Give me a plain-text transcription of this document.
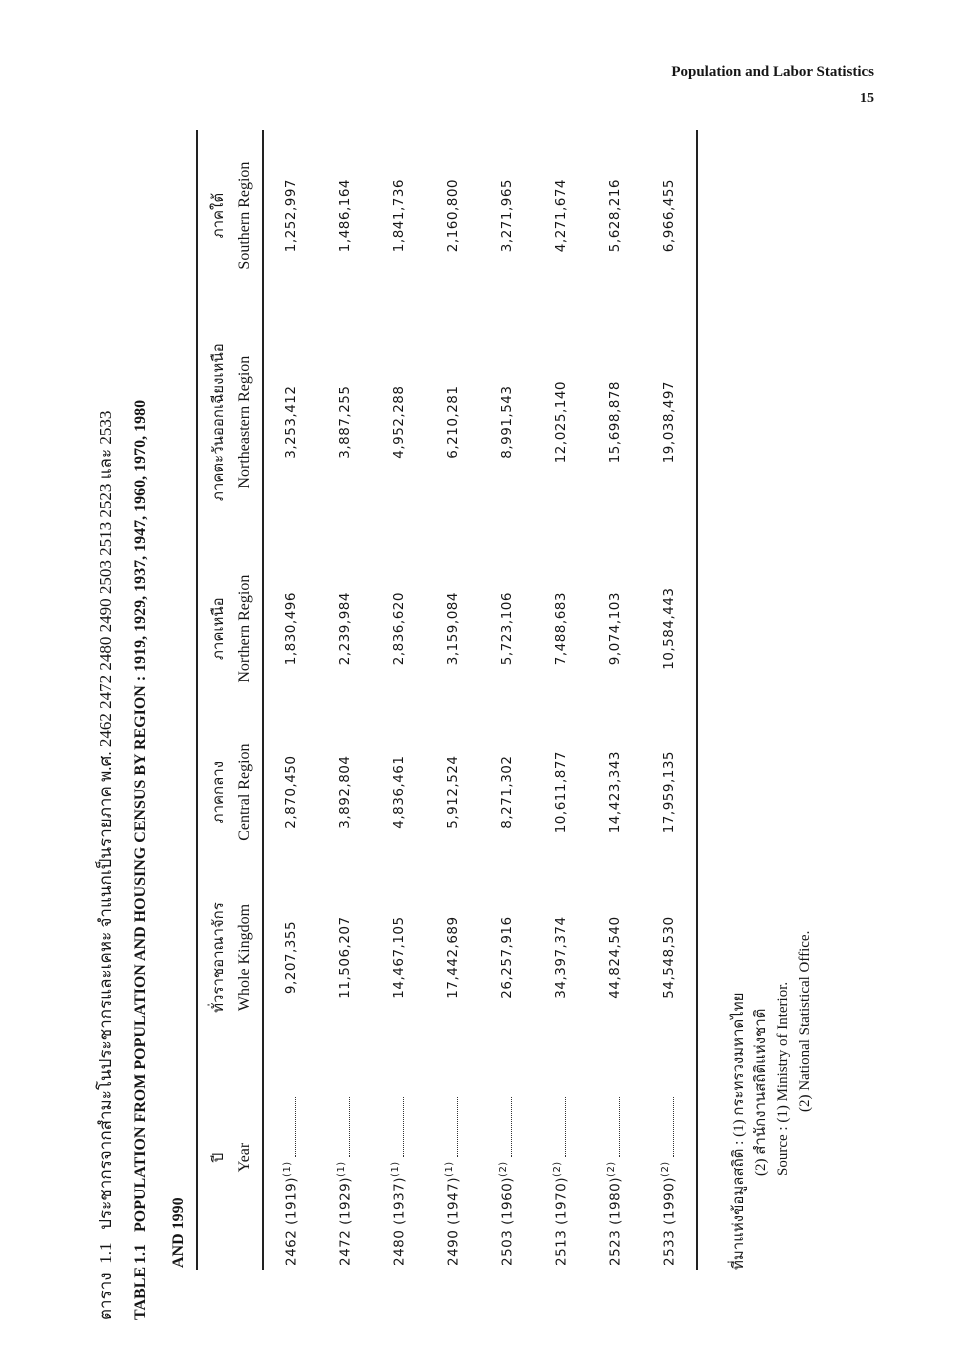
Population and Labor Statistics
15
ตาราง 1.1   ประชากรจากสำมะโนประชากรและเคหะ จำแนกเป็นรายภาค พ.ศ. 2462 2472 2480 2490 2503 2513 2523 และ 2533
TABLE 1.1   POPULATION FROM POPULATION AND HOUSING CENSUS BY REGION : 1919, 1929, 1937, 1947, 1960, 1970, 1980
AND 1990
ปี Year	ทั่วราชอาณาจักร Whole Kingdom	ภาคกลาง Central Region	ภาคเหนือ Northern Region	ภาคตะวันออกเฉียงเหนือ Northeastern Region	ภาคใต้ Southern Region
2462 $(1919)^{(1)}$	9,207,355	2,870,450	1,830,496	3,253,412	1,252,997
2472 $(1929)^{(1)}$	11,506,207	3,892,804	2,239,984	3,887,255	1,486,164
2480 $(1937)^{(1)}$	14,467,105	4,836,461	2,836,620	4,952,288	1,841,736
2490 $(1947)^{(1)}$	17,442,689	5,912,524	3,159,084	6,210,281	2,160,800
2503 $(1960)^{(2)}$	26,257,916	8,271,302	5,723,106	8,991,543	3,271,965
2513 $(1970)^{(2)}$	34,397,374	10,611,877	7,488,683	12,025,140	4,271,674
2523 $(1980)^{(2)}$	44,824,540	14,423,343	9,074,103	15,698,878	5,628,216
2533 $(1990)^{(2)}$	54,548,530	17,959,135	10,584,443	19,038,497	6,966,455
ที่มาแห่งข้อมูลสถิติ : (1) กระทรวงมหาดไทย (2) สำนักงานสถิติแห่งชาติ Source : (1) Ministry of Interior. (2) National Statistical Office.
